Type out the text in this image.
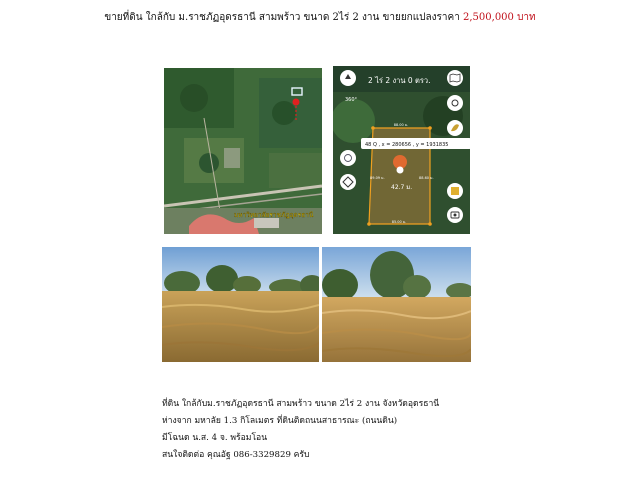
ขายที่ดิน ใกล้กับ ม.ราชภัฏอุดรธานี สามพร้าว ขนาด 2ไร่ 2 งาน ขายยกแปลงราคา 2,500,000 บาท
มหาวิทยาลัยราชภัฏอุดรธานี
88.00 ม.
89.09 ม.	88.60 ม.
85.00 ม.
2 ไร่ 2 งาน 0 ตรว.
360°
48 Q , x = 280656 , y = 1931835
42.7 ม.
ที่ดิน ใกล้กับม.ราชภัฏอุดรธานี สามพร้าว ขนาด 2ไร่ 2 งาน จังหวัดอุดรธานี
ห่างจาก มหาลัย 1.3 กิโลเมตร ที่ดินติดถนนสาธารณะ (ถนนดิน)
มีโฉนด น.ส. 4 จ. พร้อมโอน
สนใจติดต่อ คุณอัฐ 086-3329829 ครับ
